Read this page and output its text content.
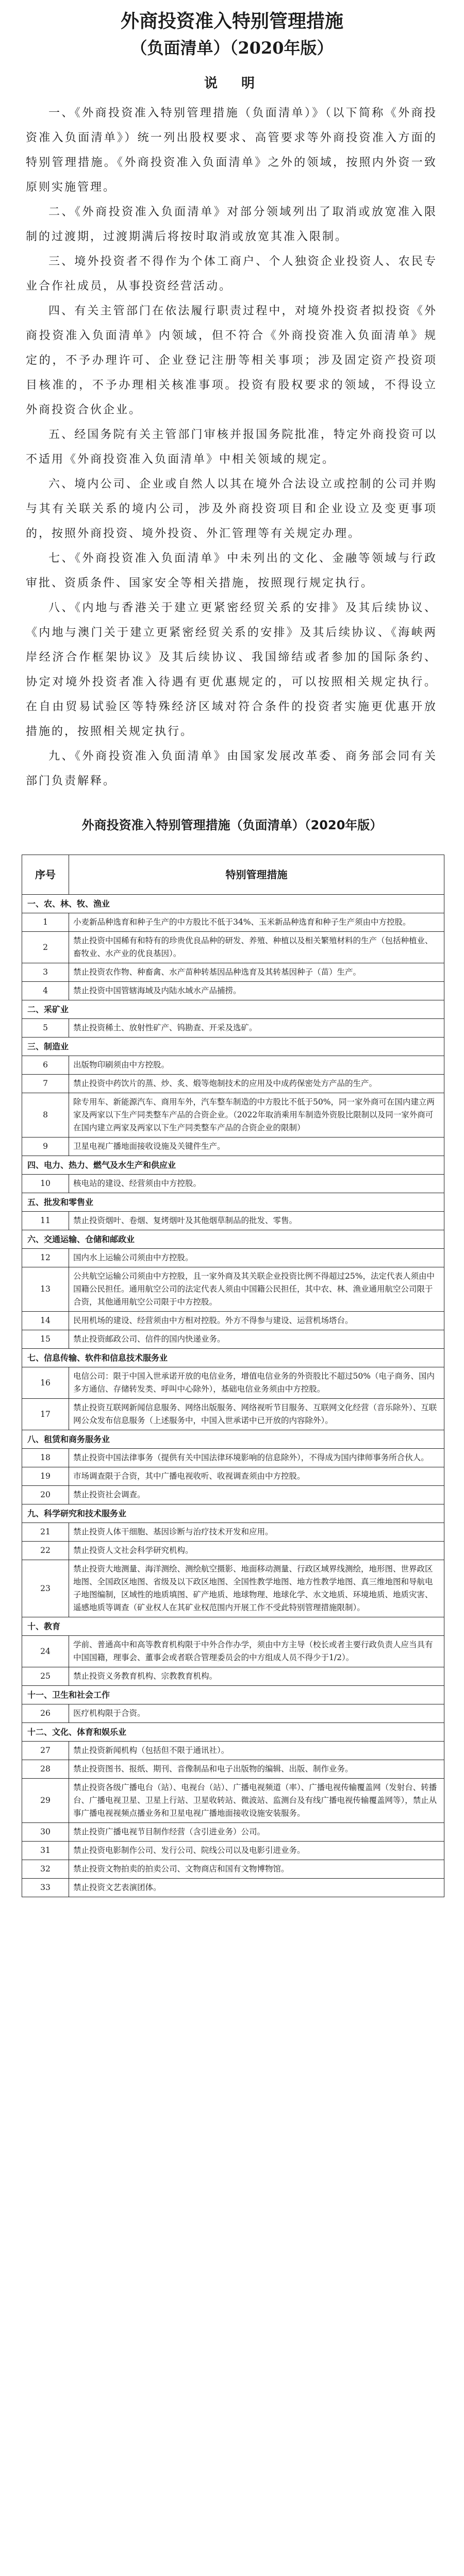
外商投资准入特别管理措施
（负面清单）（2020年版）
说　明

一、《外商投资准入特别管理措施（负面清单）》（以下简称《外商投资准入负面清单》）统一列出股权要求、高管要求等外商投资准入方面的特别管理措施。《外商投资准入负面清单》之外的领域，按照内外资一致原则实施管理。

二、《外商投资准入负面清单》对部分领域列出了取消或放宽准入限制的过渡期，过渡期满后将按时取消或放宽其准入限制。

三、境外投资者不得作为个体工商户、个人独资企业投资人、农民专业合作社成员，从事投资经营活动。

四、有关主管部门在依法履行职责过程中，对境外投资者拟投资《外商投资准入负面清单》内领域，但不符合《外商投资准入负面清单》规定的，不予办理许可、企业登记注册等相关事项；涉及固定资产投资项目核准的，不予办理相关核准事项。投资有股权要求的领域，不得设立外商投资合伙企业。

五、经国务院有关主管部门审核并报国务院批准，特定外商投资可以不适用《外商投资准入负面清单》中相关领域的规定。

六、境内公司、企业或自然人以其在境外合法设立或控制的公司并购与其有关联关系的境内公司，涉及外商投资项目和企业设立及变更事项的，按照外商投资、境外投资、外汇管理等有关规定办理。

七、《外商投资准入负面清单》中未列出的文化、金融等领域与行政审批、资质条件、国家安全等相关措施，按照现行规定执行。

八、《内地与香港关于建立更紧密经贸关系的安排》及其后续协议、《内地与澳门关于建立更紧密经贸关系的安排》及其后续协议、《海峡两岸经济合作框架协议》及其后续协议、我国缔结或者参加的国际条约、协定对境外投资者准入待遇有更优惠规定的，可以按照相关规定执行。在自由贸易试验区等特殊经济区域对符合条件的投资者实施更优惠开放措施的，按照相关规定执行。

九、《外商投资准入负面清单》由国家发展改革委、商务部会同有关部门负责解释。

外商投资准入特别管理措施（负面清单）（2020年版）
序号	特别管理措施
一、农、林、牧、渔业	
1	小麦新品种选育和种子生产的中方股比不低于34%、玉米新品种选育和种子生产须由中方控股。
2	禁止投资中国稀有和特有的珍贵优良品种的研发、养殖、种植以及相关繁殖材料的生产（包括种植业、畜牧业、水产业的优良基因）。
3	禁止投资农作物、种畜禽、水产苗种转基因品种选育及其转基因种子（苗）生产。
4	禁止投资中国管辖海域及内陆水域水产品捕捞。
二、采矿业	
5	禁止投资稀土、放射性矿产、钨勘查、开采及选矿。
三、制造业	
6	出版物印刷须由中方控股。
7	禁止投资中药饮片的蒸、炒、炙、煅等炮制技术的应用及中成药保密处方产品的生产。
8	除专用车、新能源汽车、商用车外，汽车整车制造的中方股比不低于50%，同一家外商可在国内建立两家及两家以下生产同类整车产品的合资企业。（2022年取消乘用车制造外资股比限制以及同一家外商可在国内建立两家及两家以下生产同类整车产品的合资企业的限制）
9	卫星电视广播地面接收设施及关键件生产。
四、电力、热力、燃气及水生产和供应业	
10	核电站的建设、经营须由中方控股。
五、批发和零售业	
11	禁止投资烟叶、卷烟、复烤烟叶及其他烟草制品的批发、零售。
六、交通运输、仓储和邮政业	
12	国内水上运输公司须由中方控股。
13	公共航空运输公司须由中方控股，且一家外商及其关联企业投资比例不得超过25%，法定代表人须由中国籍公民担任。通用航空公司的法定代表人须由中国籍公民担任，其中农、林、渔业通用航空公司限于合资，其他通用航空公司限于中方控股。
14	民用机场的建设、经营须由中方相对控股。外方不得参与建设、运营机场塔台。
15	禁止投资邮政公司、信件的国内快递业务。
七、信息传输、软件和信息技术服务业	
16	电信公司：限于中国入世承诺开放的电信业务，增值电信业务的外资股比不超过50%（电子商务、国内多方通信、存储转发类、呼叫中心除外），基础电信业务须由中方控股。
17	禁止投资互联网新闻信息服务、网络出版服务、网络视听节目服务、互联网文化经营（音乐除外）、互联网公众发布信息服务（上述服务中，中国入世承诺中已开放的内容除外）。
八、租赁和商务服务业	
18	禁止投资中国法律事务（提供有关中国法律环境影响的信息除外），不得成为国内律师事务所合伙人。
19	市场调查限于合资，其中广播电视收听、收视调查须由中方控股。
20	禁止投资社会调查。
九、科学研究和技术服务业	
21	禁止投资人体干细胞、基因诊断与治疗技术开发和应用。
22	禁止投资人文社会科学研究机构。
23	禁止投资大地测量、海洋测绘、测绘航空摄影、地面移动测量、行政区域界线测绘，地形图、世界政区地图、全国政区地图、省级及以下政区地图、全国性教学地图、地方性教学地图、真三维地图和导航电子地图编制，区域性的地质填图、矿产地质、地球物理、地球化学、水文地质、环境地质、地质灾害、遥感地质等调查（矿业权人在其矿业权范围内开展工作不受此特别管理措施限制）。
十、教育	
24	学前、普通高中和高等教育机构限于中外合作办学，须由中方主导（校长或者主要行政负责人应当具有中国国籍，理事会、董事会或者联合管理委员会的中方组成人员不得少于1/2）。
25	禁止投资义务教育机构、宗教教育机构。
十一、卫生和社会工作	
26	医疗机构限于合资。
十二、文化、体育和娱乐业	
27	禁止投资新闻机构（包括但不限于通讯社）。
28	禁止投资图书、报纸、期刊、音像制品和电子出版物的编辑、出版、制作业务。
29	禁止投资各级广播电台（站）、电视台（站）、广播电视频道（率）、广播电视传输覆盖网（发射台、转播台、广播电视卫星、卫星上行站、卫星收转站、微波站、监测台及有线广播电视传输覆盖网等），禁止从事广播电视视频点播业务和卫星电视广播地面接收设施安装服务。
30	禁止投资广播电视节目制作经营（含引进业务）公司。
31	禁止投资电影制作公司、发行公司、院线公司以及电影引进业务。
32	禁止投资文物拍卖的拍卖公司、文物商店和国有文物博物馆。
33	禁止投资文艺表演团体。
